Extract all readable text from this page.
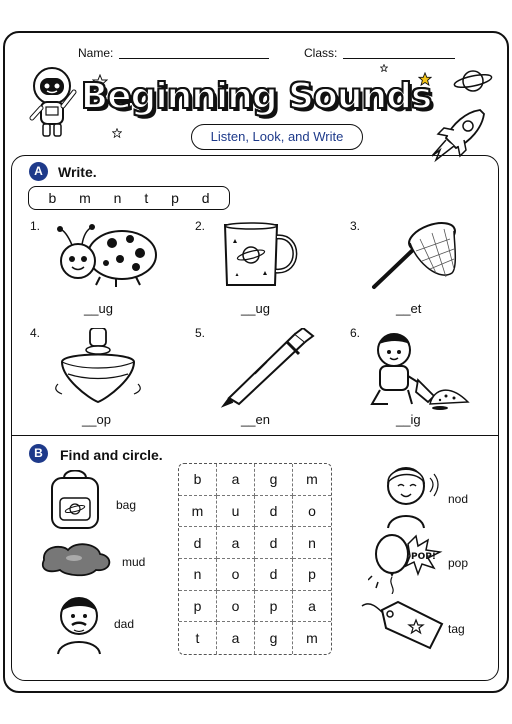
Name:	Class:
Beginning Sounds
Listen, Look, and Write
A	Write.
b m n t p d
1.
__ug
2.
__ug
3.
__et
4.
__op
5.
__en
6.
__ig
B	Find and circle.
bag
mud
dad
b	a	g	m
m	u	d	o
d	a	d	n
n	o	d	p
p	o	p	a
t	a	g	m
nod
POP! pop
tag
